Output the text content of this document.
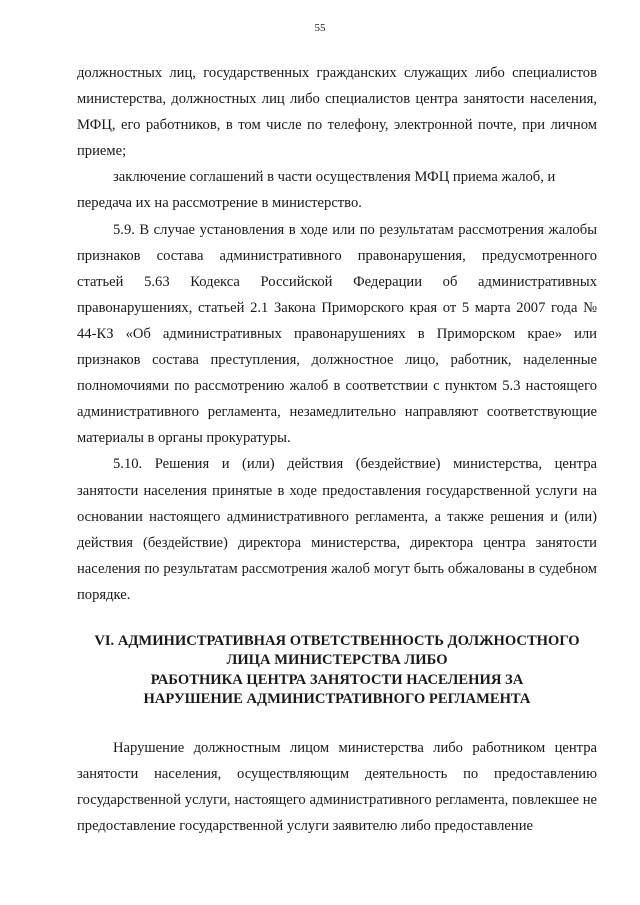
55

должностных лиц, государственных гражданских служащих либо специалистов министерства, должностных лиц либо специалистов центра занятости населения, МФЦ, его работников, в том числе по телефону, электронной почте, при личном приеме;

заключение соглашений в части осуществления МФЦ приема жалоб, и

передача их на рассмотрение в министерство.

5.9. В случае установления в ходе или по результатам рассмотрения жалобы признаков состава административного правонарушения, предусмотренного статьей 5.63 Кодекса Российской Федерации об административных правонарушениях, статьей 2.1 Закона Приморского края от 5 марта 2007 года № 44-КЗ «Об административных правонарушениях в Приморском крае» или признаков состава преступления, должностное лицо, работник, наделенные полномочиями по рассмотрению жалоб в соответствии с пунктом 5.3 настоящего административного регламента, незамедлительно направляют соответствующие материалы в органы прокуратуры.

5.10. Решения и (или) действия (бездействие) министерства, центра занятости населения принятые в ходе предоставления государственной услуги на основании настоящего административного регламента, а также решения и (или) действия (бездействие) директора министерства, директора центра занятости населения по результатам рассмотрения жалоб могут быть обжалованы в судебном порядке.

VI. АДМИНИСТРАТИВНАЯ ОТВЕТСТВЕННОСТЬ ДОЛЖНОСТНОГО
ЛИЦА МИНИСТЕРСТВА ЛИБО
РАБОТНИКА ЦЕНТРА ЗАНЯТОСТИ НАСЕЛЕНИЯ ЗА
НАРУШЕНИЕ АДМИНИСТРАТИВНОГО РЕГЛАМЕНТА

Нарушение должностным лицом министерства либо работником центра занятости населения, осуществляющим деятельность по предоставлению государственной услуги, настоящего административного регламента, повлекшее не предоставление государственной услуги заявителю либо предоставление
